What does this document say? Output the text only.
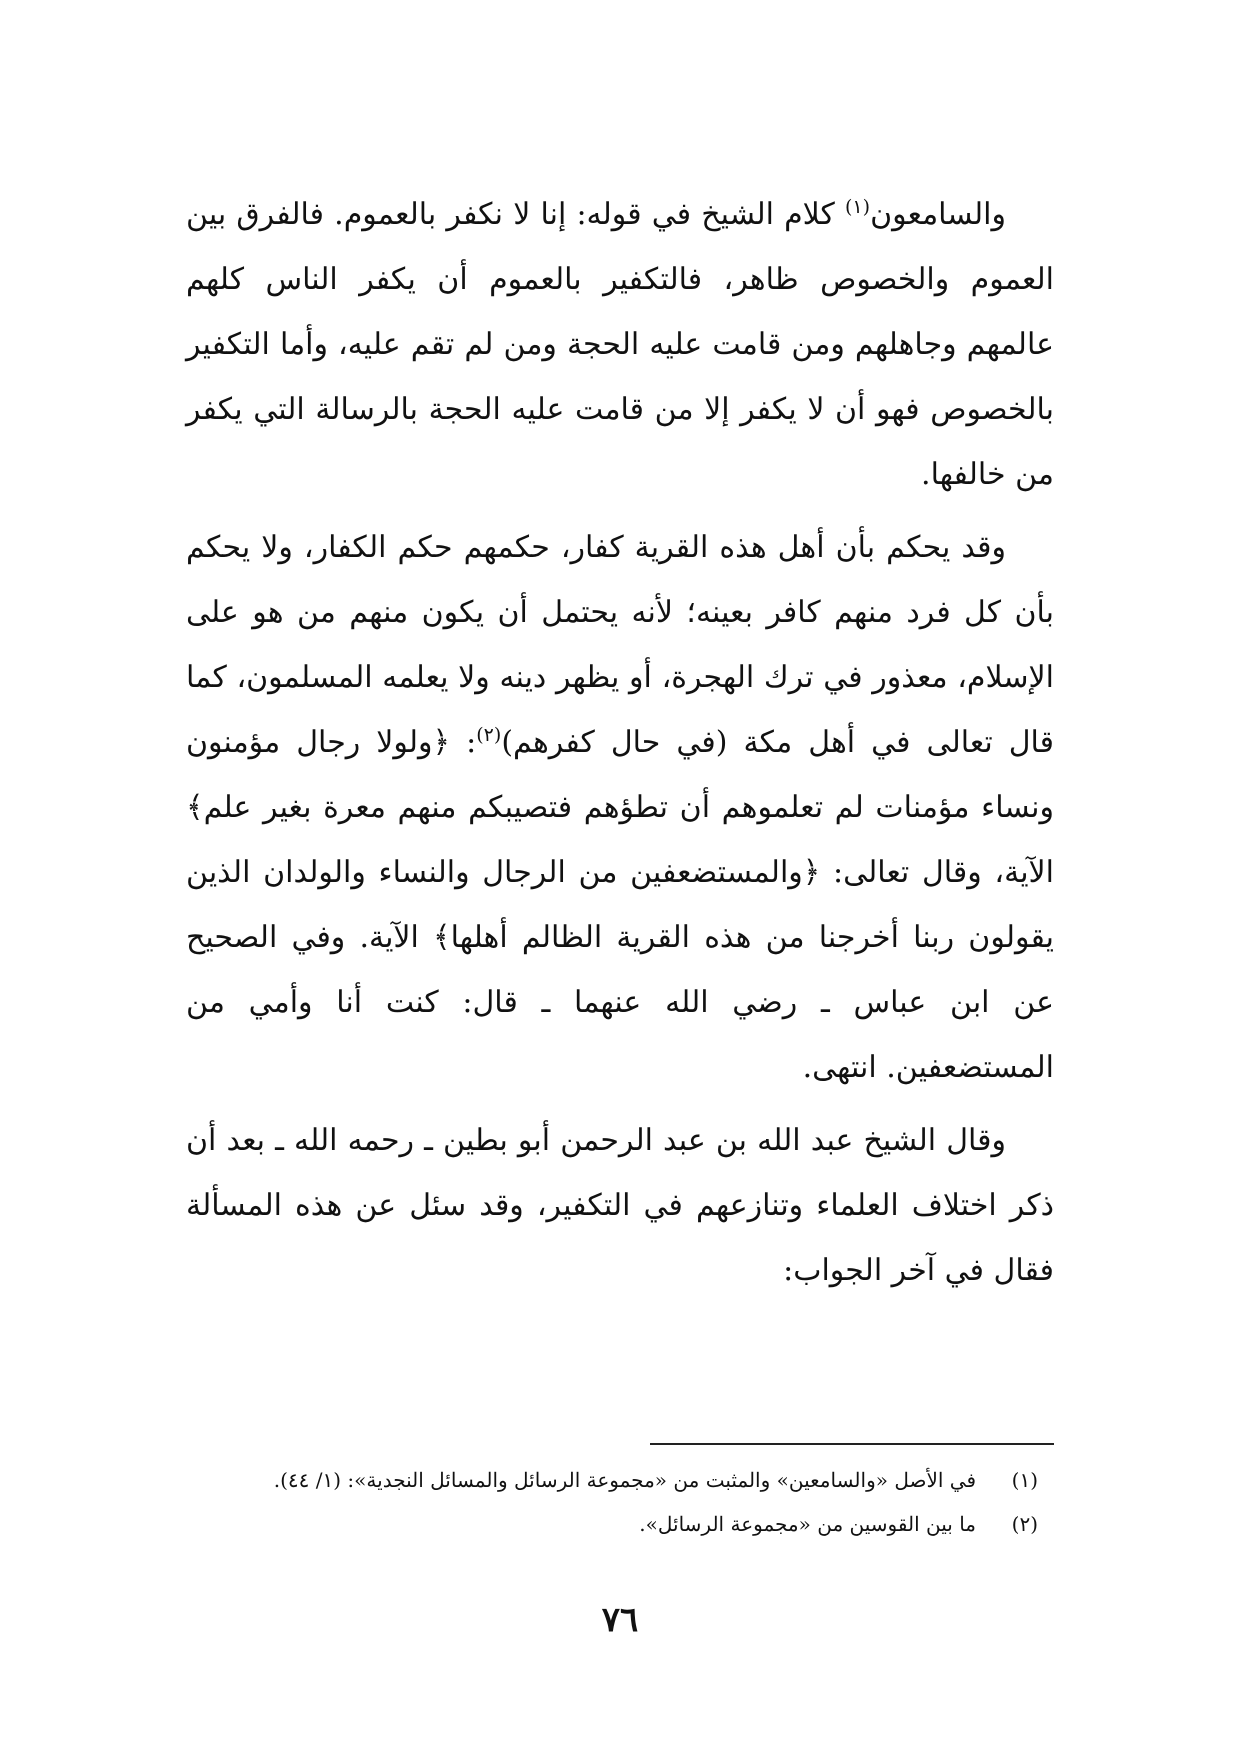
والسامعون$^{(١)}$ كلام الشيخ في قوله: إنا لا نكفر بالعموم. فالفرق بين العموم والخصوص ظاهر، فالتكفير بالعموم أن يكفر الناس كلهم عالمهم وجاهلهم ومن قامت عليه الحجة ومن لم تقم عليه، وأما التكفير بالخصوص فهو أن لا يكفر إلا من قامت عليه الحجة بالرسالة التي يكفر من خالفها.

وقد يحكم بأن أهل هذه القرية كفار، حكمهم حكم الكفار، ولا يحكم بأن كل فرد منهم كافر بعينه؛ لأنه يحتمل أن يكون منهم من هو على الإسلام، معذور في ترك الهجرة، أو يظهر دينه ولا يعلمه المسلمون، كما قال تعالى في أهل مكة (في حال كفرهم)$^{(٢)}$: ﴿ولولا رجال مؤمنون ونساء مؤمنات لم تعلموهم أن تطؤهم فتصيبكم منهم معرة بغير علم﴾ الآية، وقال تعالى: ﴿والمستضعفين من الرجال والنساء والولدان الذين يقولون ربنا أخرجنا من هذه القرية الظالم أهلها﴾ الآية. وفي الصحيح عن ابن عباس ـ رضي الله عنهما ـ قال: كنت أنا وأمي من المستضعفين. انتهى.

وقال الشيخ عبد الله بن عبد الرحمن أبو بطين ـ رحمه الله ـ بعد أن ذكر اختلاف العلماء وتنازعهم في التكفير، وقد سئل عن هذه المسألة فقال في آخر الجواب:

(١)
في الأصل «والسامعين» والمثبت من «مجموعة الرسائل والمسائل النجدية»: (١/ ٤٤).
(٢)
ما بين القوسين من «مجموعة الرسائل».
٧٦
